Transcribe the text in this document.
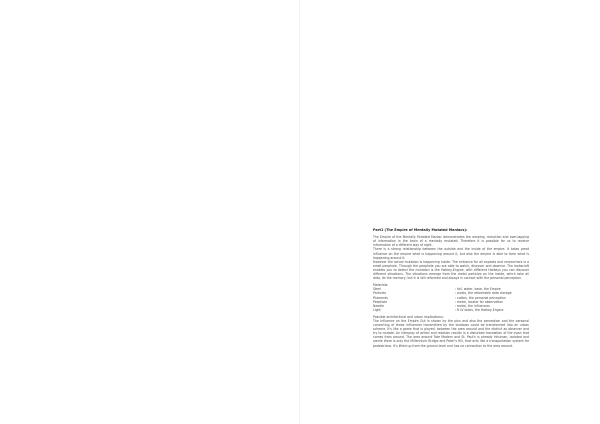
Part1 (The Empire of Mentally Mutated Maniacs):

The Empire of the Mentally Mutated Maniac demonstrates the warping, reduction and over-lapping of information in the brain of a mentally mutated. Therefore it is possible for us to receive information of a different way of sight.

There is a strong relationship between the outside and the inside of the empire. It takes great influence on the empire what is happening around it, but also the empire is able to form what is happening around it.

However the actual mutation is happening inside. The entrance for all expeots and researchers is a small peephole. Through the peephole you are able to watch, discover and observe. The loohscloft enables you to detect the mutation is the Hotkey-Engine, with different Hotkeys you can discover different situations. The situations emerge from the metal particles on the inside, which take all data, its the memory, but it is still reformed and always in contact with the personal perception.

Materials:
Steel	: foil, water, base, the Empire
Particles	: pixels, the reformable data storage
Filaments	: cotton, the personal perception
Peephole	: metal, locator for observation
Needle	: metal, the influences
Light	: 6 LV bulbs, the Hotkey-Engine

Possible architectural and urban implications:

The influence on the Empire Gut is shown by the pins and also the perception and the personal converting of these influences transmitted by the shadows could be transformed into an urban scheme. It's like a game that is played, between the area around and the district as observer and try to mutate. An interplay of action and reaction results in a disturbed translation of the input that comes from around. The area around Tate Modern and St. Paul's is already inhuman, isolated and sterile there is only the Millennium Bridge and Peter's Hill, that acts like a transportation system for pedestrians. It's lifted up from the ground level and has no connection to the area around.
